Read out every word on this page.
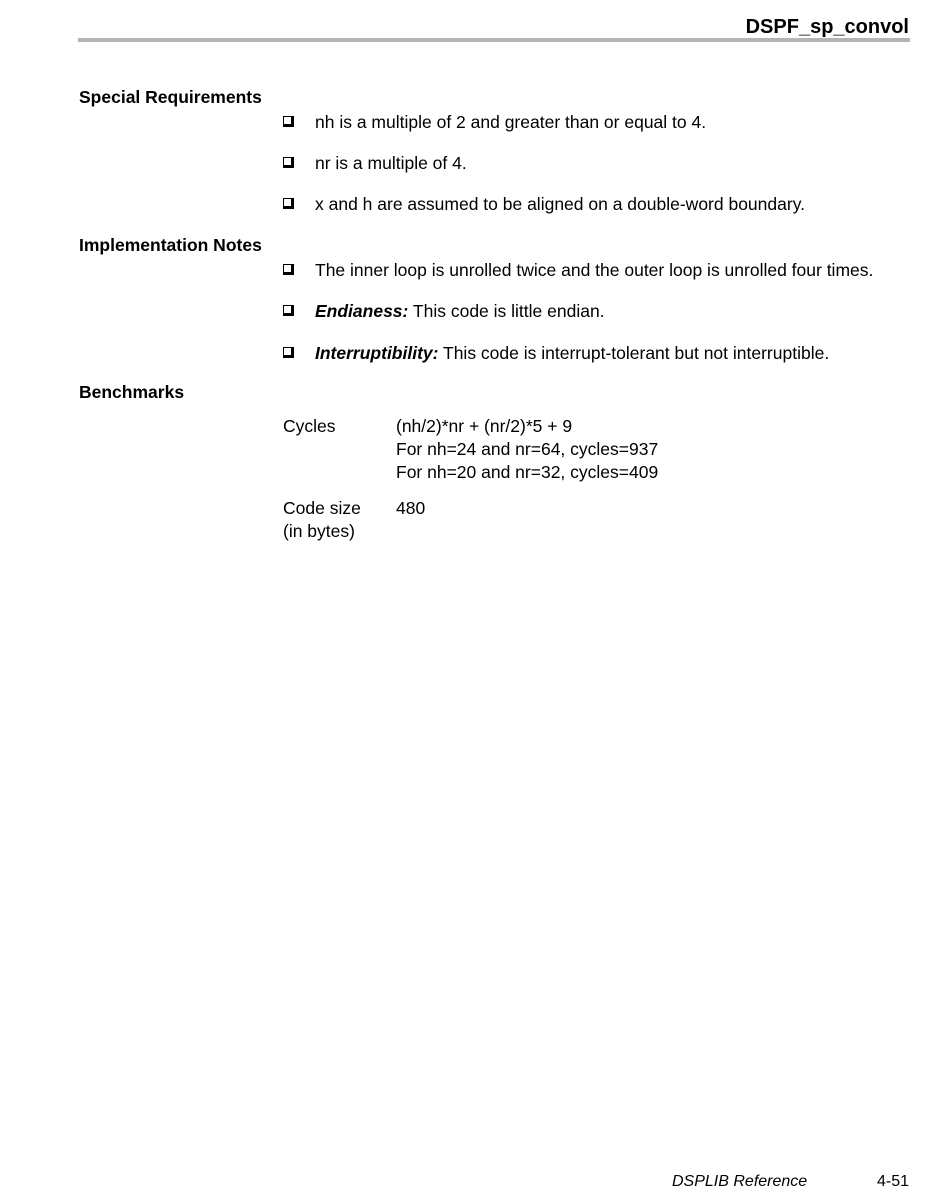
DSPF_sp_convol
Special Requirements
nh is a multiple of 2 and greater than or equal to 4.
nr is a multiple of 4.
x and h are assumed to be aligned on a double-word boundary.
Implementation Notes
The inner loop is unrolled twice and the outer loop is unrolled four times.
Endianess: This code is little endian.
Interruptibility: This code is interrupt-tolerant but not interruptible.
Benchmarks
Cycles	(nh/2)*nr + (nr/2)*5 + 9
For nh=24 and nr=64, cycles=937
For nh=20 and nr=32, cycles=409
Code size
(in bytes)
480
DSPLIB Reference	4-51
